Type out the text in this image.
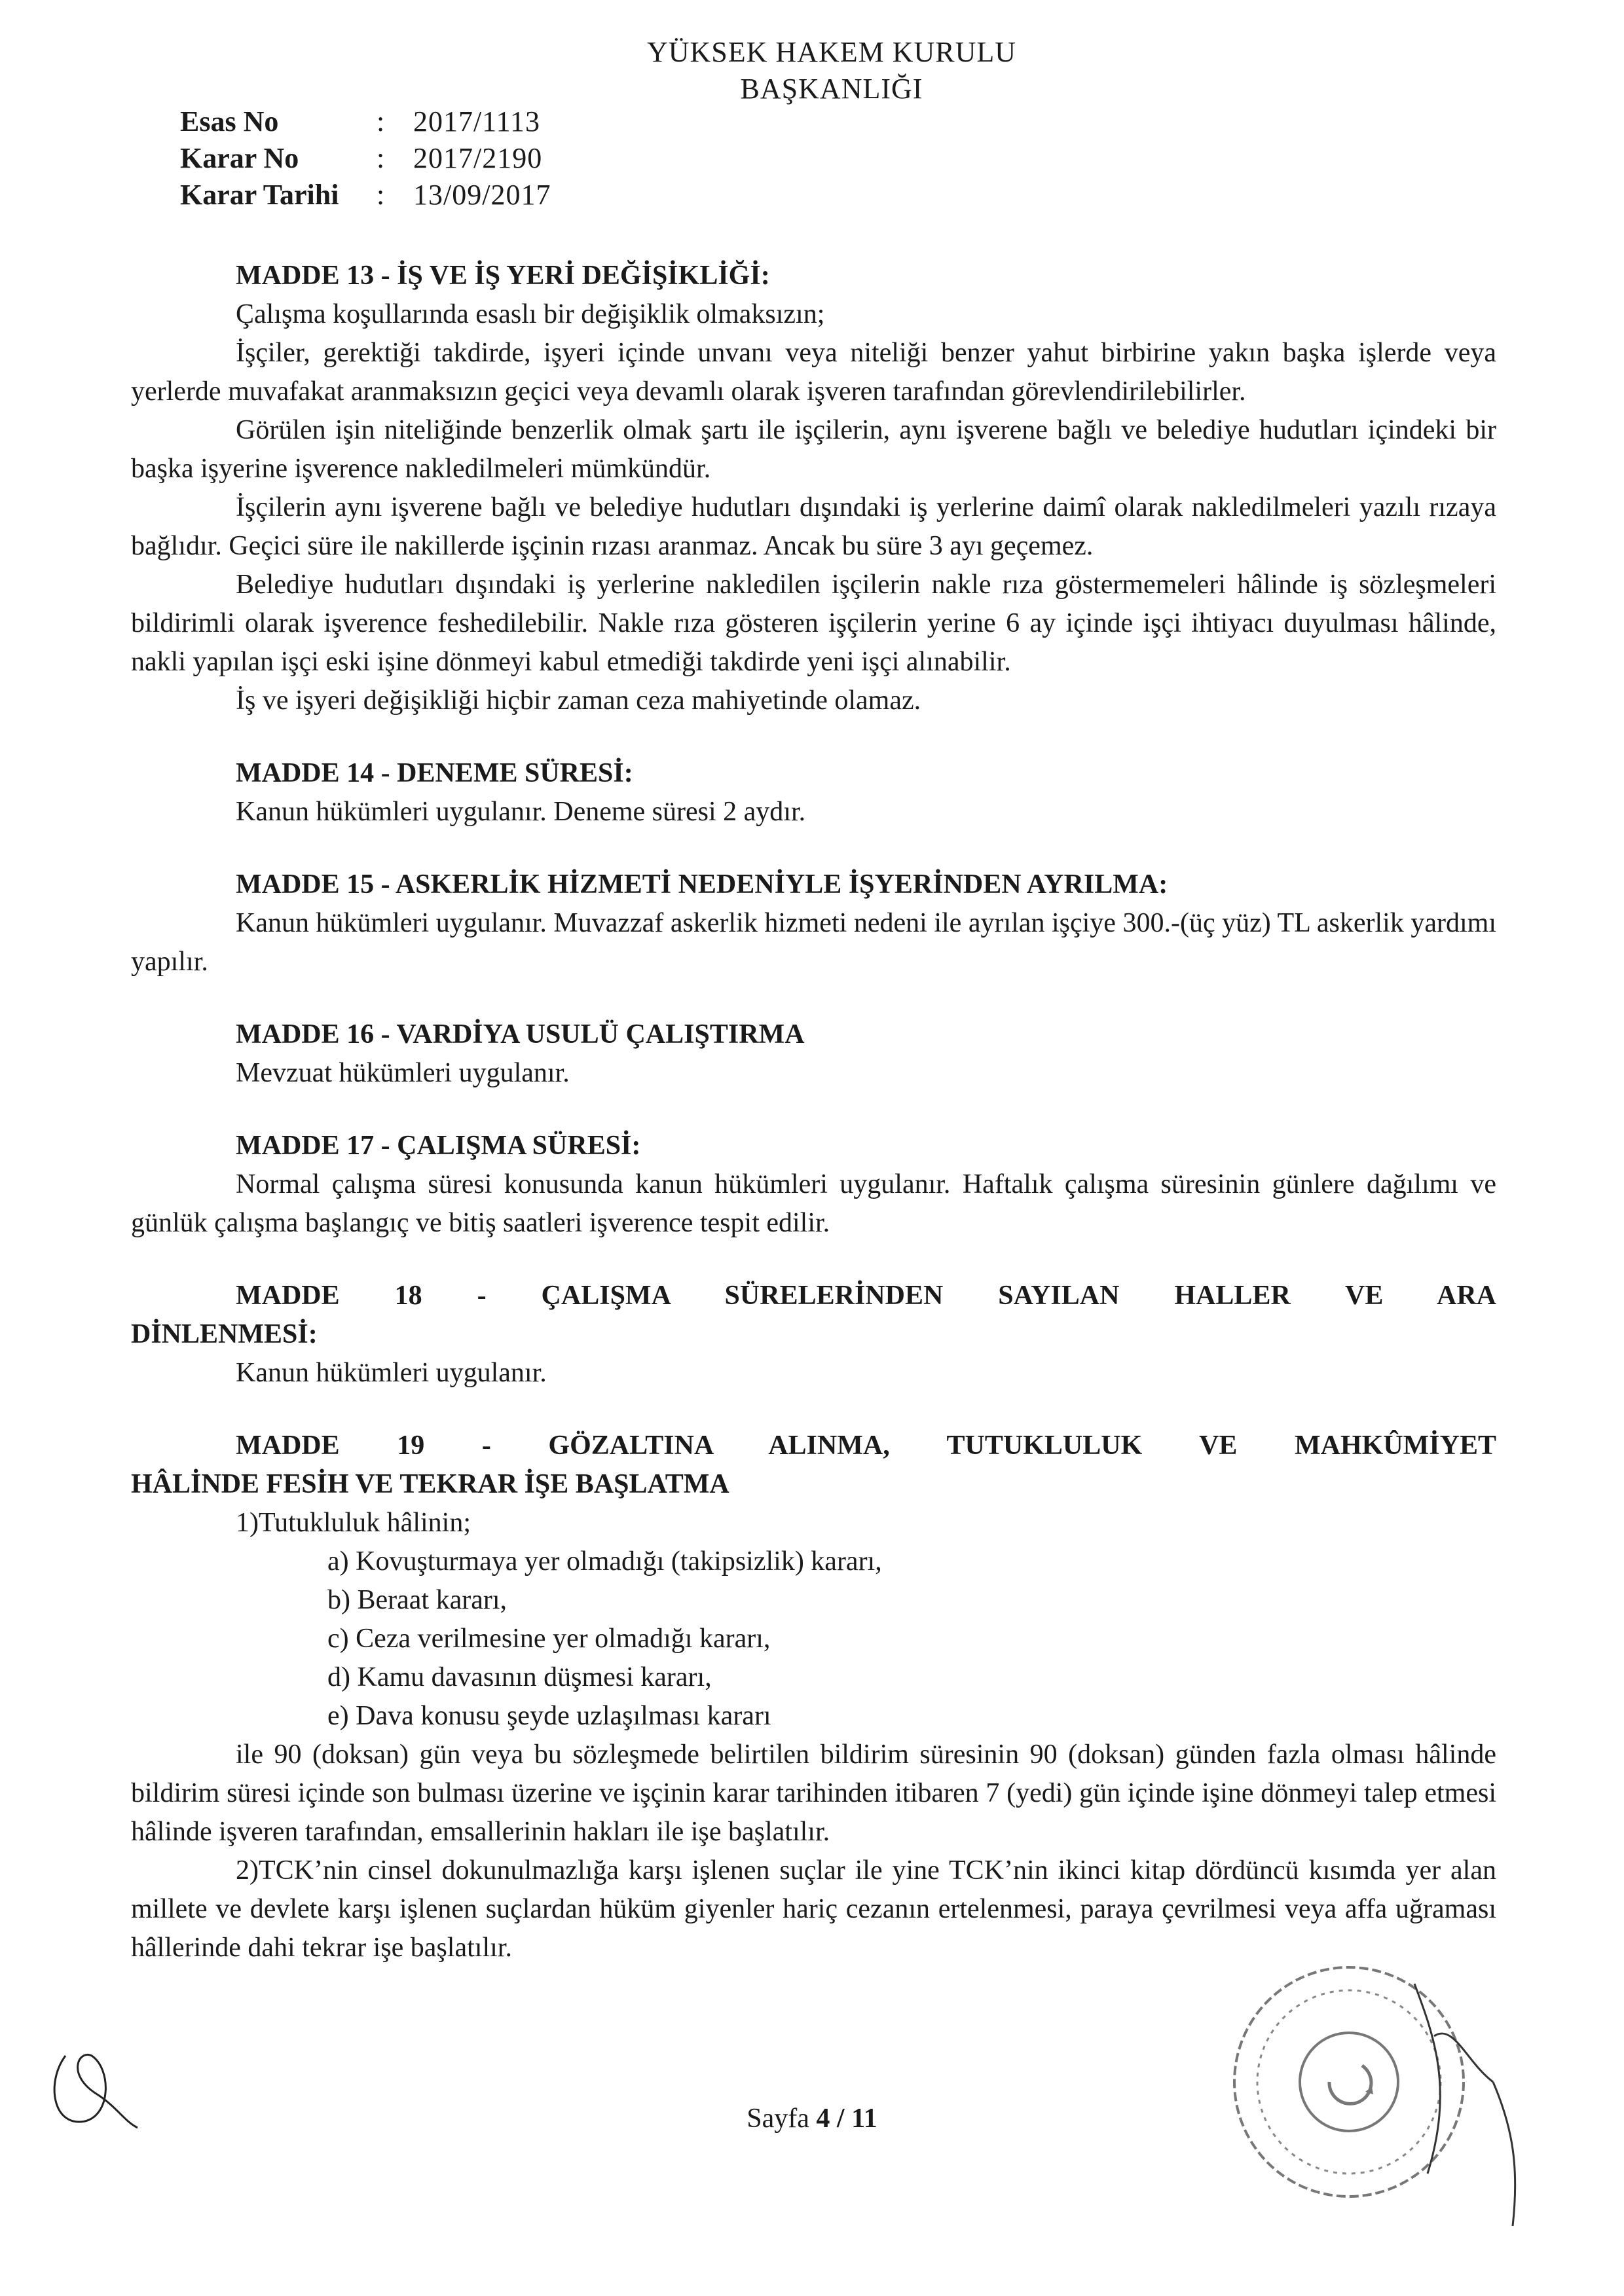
YÜKSEK HAKEM KURULU
BAŞKANLIĞI
Esas No	: 2017/1113
Karar No	: 2017/2190
Karar Tarihi	: 13/09/2017

MADDE 13 - İŞ VE İŞ YERİ DEĞİŞİKLİĞİ:

Çalışma koşullarında esaslı bir değişiklik olmaksızın;

İşçiler, gerektiği takdirde, işyeri içinde unvanı veya niteliği benzer yahut birbirine yakın başka işlerde veya yerlerde muvafakat aranmaksızın geçici veya devamlı olarak işveren tarafından görevlendirilebilirler.

Görülen işin niteliğinde benzerlik olmak şartı ile işçilerin, aynı işverene bağlı ve belediye hudutları içindeki bir başka işyerine işverence nakledilmeleri mümkündür.

İşçilerin aynı işverene bağlı ve belediye hudutları dışındaki iş yerlerine daimî olarak nakledilmeleri yazılı rızaya bağlıdır. Geçici süre ile nakillerde işçinin rızası aranmaz. Ancak bu süre 3 ayı geçemez.

Belediye hudutları dışındaki iş yerlerine nakledilen işçilerin nakle rıza göstermemeleri hâlinde iş sözleşmeleri bildirimli olarak işverence feshedilebilir. Nakle rıza gösteren işçilerin yerine 6 ay içinde işçi ihtiyacı duyulması hâlinde, nakli yapılan işçi eski işine dönmeyi kabul etmediği takdirde yeni işçi alınabilir.

İş ve işyeri değişikliği hiçbir zaman ceza mahiyetinde olamaz.

MADDE 14 - DENEME SÜRESİ:

Kanun hükümleri uygulanır. Deneme süresi 2 aydır.

MADDE 15 - ASKERLİK HİZMETİ NEDENİYLE İŞYERİNDEN AYRILMA:

Kanun hükümleri uygulanır. Muvazzaf askerlik hizmeti nedeni ile ayrılan işçiye 300.-(üç yüz) TL askerlik yardımı yapılır.

MADDE 16 - VARDİYA USULÜ ÇALIŞTIRMA

Mevzuat hükümleri uygulanır.

MADDE 17 - ÇALIŞMA SÜRESİ:

Normal çalışma süresi konusunda kanun hükümleri uygulanır. Haftalık çalışma süresinin günlere dağılımı ve günlük çalışma başlangıç ve bitiş saatleri işverence tespit edilir.

MADDE 18 - ÇALIŞMA SÜRELERİNDEN SAYILAN HALLER VE ARA

DİNLENMESİ:

Kanun hükümleri uygulanır.

MADDE 19 - GÖZALTINA ALINMA, TUTUKLULUK VE MAHKÛMİYET

HÂLİNDE FESİH VE TEKRAR İŞE BAŞLATMA

1)Tutukluluk hâlinin;

a) Kovuşturmaya yer olmadığı (takipsizlik) kararı,

b) Beraat kararı,

c) Ceza verilmesine yer olmadığı kararı,

d) Kamu davasının düşmesi kararı,

e) Dava konusu şeyde uzlaşılması kararı

ile 90 (doksan) gün veya bu sözleşmede belirtilen bildirim süresinin 90 (doksan) günden fazla olması hâlinde bildirim süresi içinde son bulması üzerine ve işçinin karar tarihinden itibaren 7 (yedi) gün içinde işine dönmeyi talep etmesi hâlinde işveren tarafından, emsallerinin hakları ile işe başlatılır.

2)TCK’nin cinsel dokunulmazlığa karşı işlenen suçlar ile yine TCK’nin ikinci kitap dördüncü kısımda yer alan millete ve devlete karşı işlenen suçlardan hüküm giyenler hariç cezanın ertelenmesi, paraya çevrilmesi veya affa uğraması hâllerinde dahi tekrar işe başlatılır.

Sayfa 4 / 11
